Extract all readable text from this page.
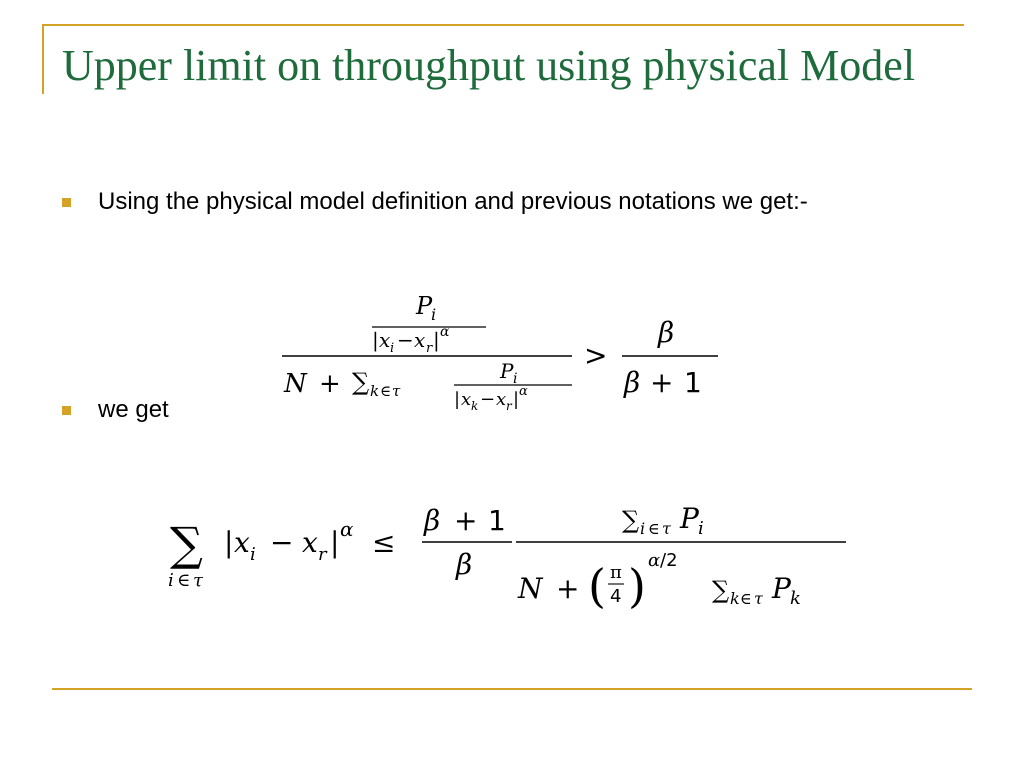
Upper limit on throughput using physical Model
Using the physical model definition and previous notations we get:-
P
i
| x i − x r | α
N + ∑ k ∈ τ
P i
| x k − x r | α
>
β
β + 1
we get
∑
i ∈ τ
| x i − x r | α ≤
β + 1
β
∑ i ∈ τ P i
N + ( π
4 ) α /2
∑ k ∈ τ P k
